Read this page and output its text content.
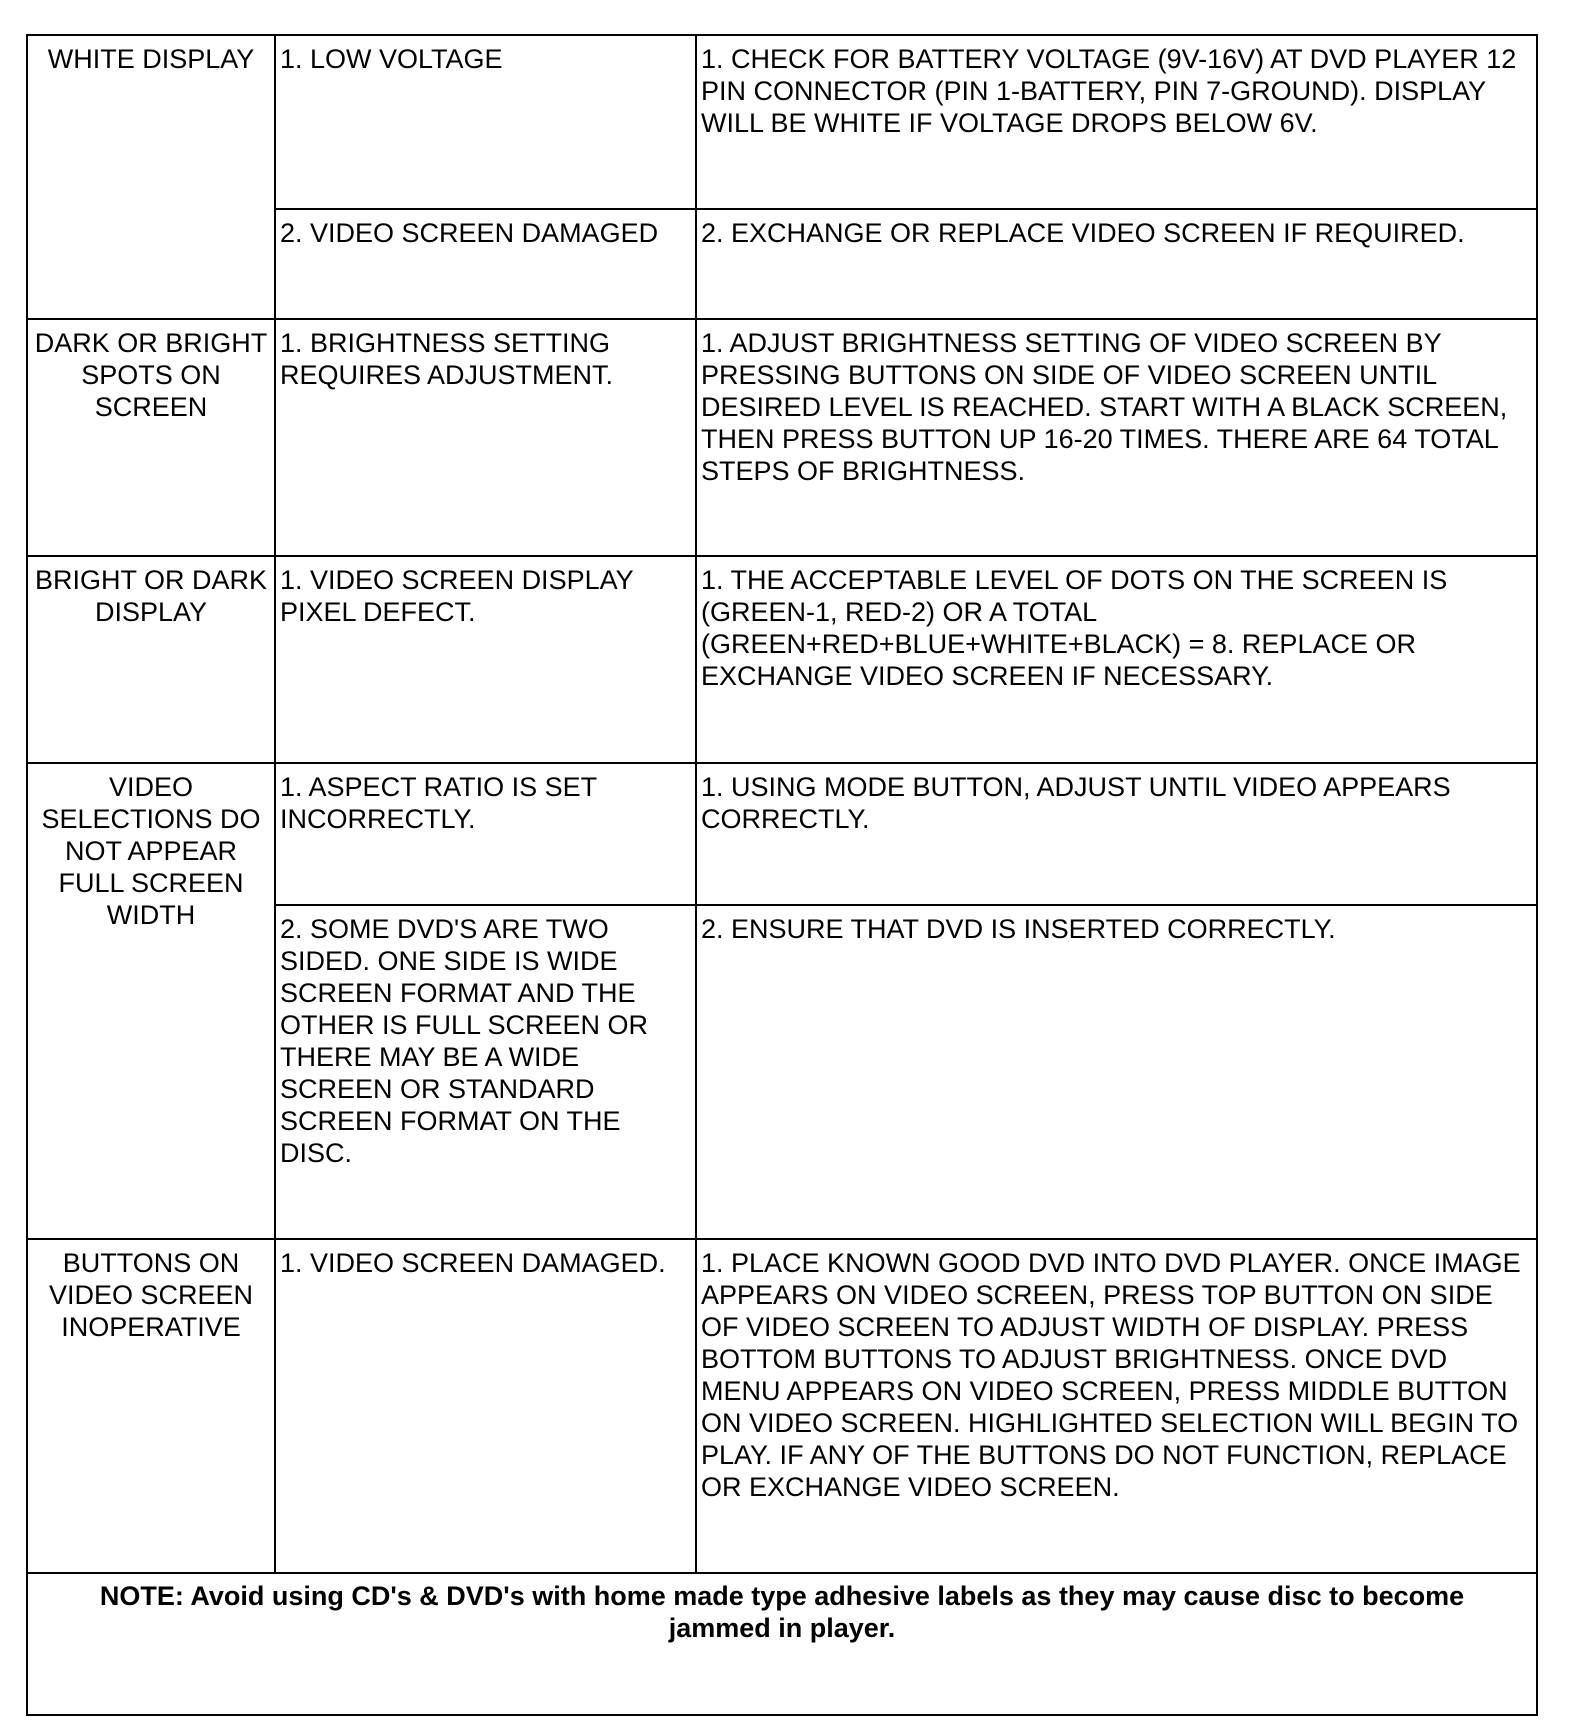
WHITE DISPLAY	1. LOW VOLTAGE	1. CHECK FOR BATTERY VOLTAGE (9V-16V) AT DVD PLAYER 12 PIN CONNECTOR (PIN 1-BATTERY, PIN 7-GROUND). DISPLAY WILL BE WHITE IF VOLTAGE DROPS BELOW 6V.
	2. VIDEO SCREEN DAMAGED	2. EXCHANGE OR REPLACE VIDEO SCREEN IF REQUIRED.
DARK OR BRIGHT SPOTS ON SCREEN	1. BRIGHTNESS SETTING REQUIRES ADJUSTMENT.	1. ADJUST BRIGHTNESS SETTING OF VIDEO SCREEN BY PRESSING BUTTONS ON SIDE OF VIDEO SCREEN UNTIL DESIRED LEVEL IS REACHED. START WITH A BLACK SCREEN, THEN PRESS BUTTON UP 16-20 TIMES. THERE ARE 64 TOTAL STEPS OF BRIGHTNESS.
BRIGHT OR DARK DISPLAY	1. VIDEO SCREEN DISPLAY PIXEL DEFECT.	1. THE ACCEPTABLE LEVEL OF DOTS ON THE SCREEN IS (GREEN-1, RED-2) OR A TOTAL (GREEN+RED+BLUE+WHITE+BLACK) = 8. REPLACE OR EXCHANGE VIDEO SCREEN IF NECESSARY.
VIDEO SELECTIONS DO NOT APPEAR FULL SCREEN WIDTH	1. ASPECT RATIO IS SET INCORRECTLY.	1. USING MODE BUTTON, ADJUST UNTIL VIDEO APPEARS CORRECTLY.
	2. SOME DVD'S ARE TWO SIDED. ONE SIDE IS WIDE SCREEN FORMAT AND THE OTHER IS FULL SCREEN OR THERE MAY BE A WIDE SCREEN OR STANDARD SCREEN FORMAT ON THE DISC.	2. ENSURE THAT DVD IS INSERTED CORRECTLY.
BUTTONS ON VIDEO SCREEN INOPERATIVE	1. VIDEO SCREEN DAMAGED.	1. PLACE KNOWN GOOD DVD INTO DVD PLAYER. ONCE IMAGE APPEARS ON VIDEO SCREEN, PRESS TOP BUTTON ON SIDE OF VIDEO SCREEN TO ADJUST WIDTH OF DISPLAY. PRESS BOTTOM BUTTONS TO ADJUST BRIGHTNESS. ONCE DVD MENU APPEARS ON VIDEO SCREEN, PRESS MIDDLE BUTTON ON VIDEO SCREEN. HIGHLIGHTED SELECTION WILL BEGIN TO PLAY. IF ANY OF THE BUTTONS DO NOT FUNCTION, REPLACE OR EXCHANGE VIDEO SCREEN.
NOTE: Avoid using CD's & DVD's with home made type adhesive labels as they may cause disc to become jammed in player.		
